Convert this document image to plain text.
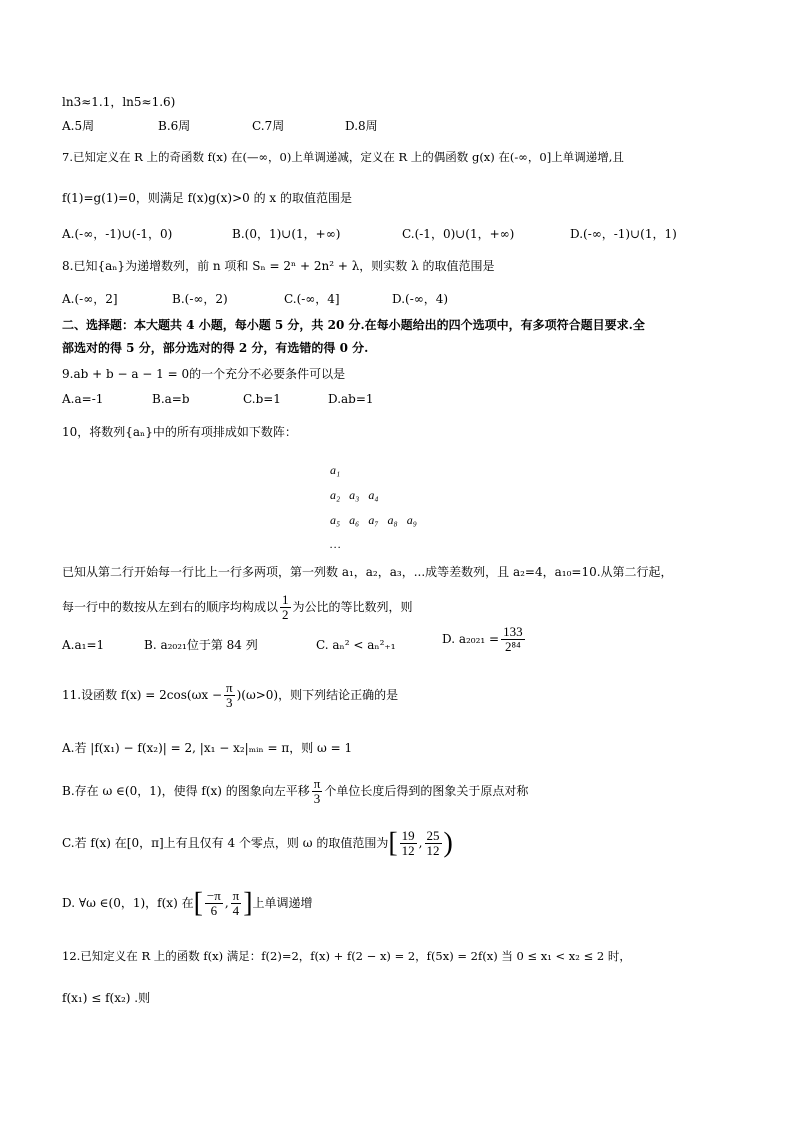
ln3≈1.1，ln5≈1.6)
A.5周	B.6周	C.7周	D.8周
7.已知定义在 R 上的奇函数 f(x) 在(—∞，0)上单调递减，定义在 R 上的偶函数 g(x) 在(-∞，0]上单调递增,且
f(1)=g(1)=0，则满足 f(x)g(x)>0 的 x 的取值范围是
A.(-∞，-1)∪(-1，0)	B.(0，1)∪(1，+∞)	C.(-1，0)∪(1，+∞)	D.(-∞，-1)∪(1，1)
8.已知{aₙ}为递增数列，前 n 项和 Sₙ = 2ⁿ + 2n² + λ，则实数 λ 的取值范围是
A.(-∞，2]	B.(-∞，2)	C.(-∞，4]	D.(-∞，4)
二、选择题：本大题共 4 小题，每小题 5 分，共 20 分.在每小题给出的四个选项中，有多项符合题目要求.全
部选对的得 5 分，部分选对的得 2 分，有选错的得 0 分.
9.ab + b − a − 1 = 0的一个充分不必要条件可以是
A.a=-1	B.a=b	C.b=1	D.ab=1
10，将数列{aₙ}中的所有项排成如下数阵：
a₁
a₂   a₃   a₄
a₅   a₆   a₇   a₈   a₉
…
已知从第二行开始每一行比上一行多两项，第一列数 a₁，a₂，a₃，...成等差数列，且 a₂=4，a₁₀=10.从第二行起，
每一行中的数按从左到右的顺序均构成以 $\frac{1}{2}$ 为公比的等比数列，则
A.a₁=1	B. a₂₀₂₁位于第 84 列	C. aₙ² < aₙ²₊₁	D. $a_{2021} = \frac{133}{\text{2⁸⁴}}$
11.设函数 $f(x) = 2\cos(\omega x - \frac{\pi}{3} )(\omega>0)$，则下列结论正确的是
A.若 |f(x₁) − f(x₂)| = 2, |x₁ − x₂|ₘᵢₙ = π，则 ω = 1
B.存在 ω ∈(0，1)，使得 f(x) 的图象向左平移 $\frac{\pi}{3}$ 个单位长度后得到的图象关于原点对称
C.若 f(x) 在[0，π]上有且仅有 4 个零点，则 ω 的取值范围为[ $\frac{19}{12}$ , $\frac{25}{12}$ )
D. ∀ω ∈(0，1)，f(x) 在[ $\frac{-\pi}{6}$ , $\frac{\pi}{4}$ ]上单调递增
12.已知定义在 R 上的函数 f(x) 满足：f(2)=2，f(x) + f(2 − x) = 2，f(5x) = 2f(x) 当 0 ≤ x₁ < x₂ ≤ 2 时，
f(x₁) ≤ f(x₂) .则
